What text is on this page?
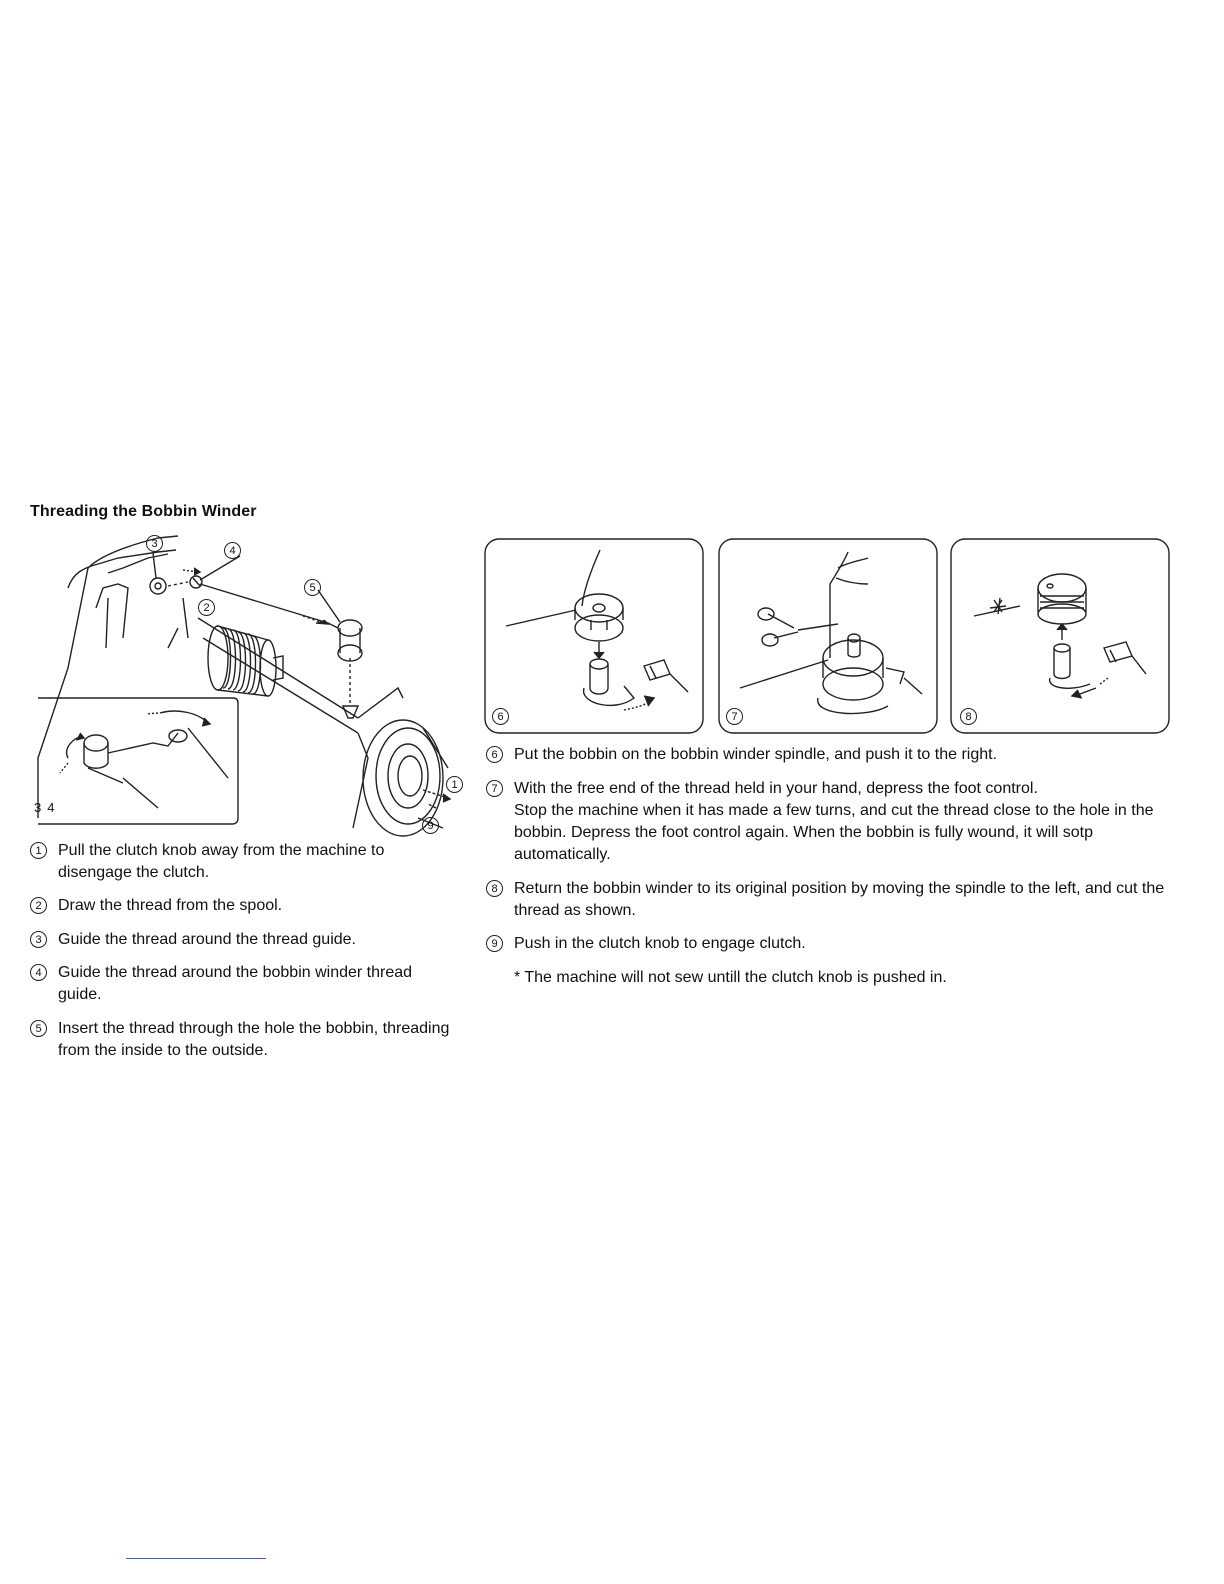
Threading the Bobbin Winder
3
4
2
5
1
9
34
6	7	8
1	Pull the clutch knob away from the machine to disengage the clutch.
2	Draw the thread from the spool.
3	Guide the thread around the thread guide.
4	Guide the thread around the bobbin winder thread guide.
5	Insert the thread through the hole the bobbin, threading from the inside to the outside.
6	Put the bobbin on the bobbin winder spindle, and push it to the right.
7	With the free end of the thread held in your hand, depress the foot control.
Stop the machine when it has made a few turns, and cut the thread close to the hole in the bobbin. Depress the foot control again. When the bobbin is fully wound, it will sotp automatically.
8	Return the bobbin winder to its original position by moving the spindle to the left, and cut the thread as shown.
9	Push in the clutch knob to engage clutch.
* The machine will not sew untill the clutch knob is pushed in.
